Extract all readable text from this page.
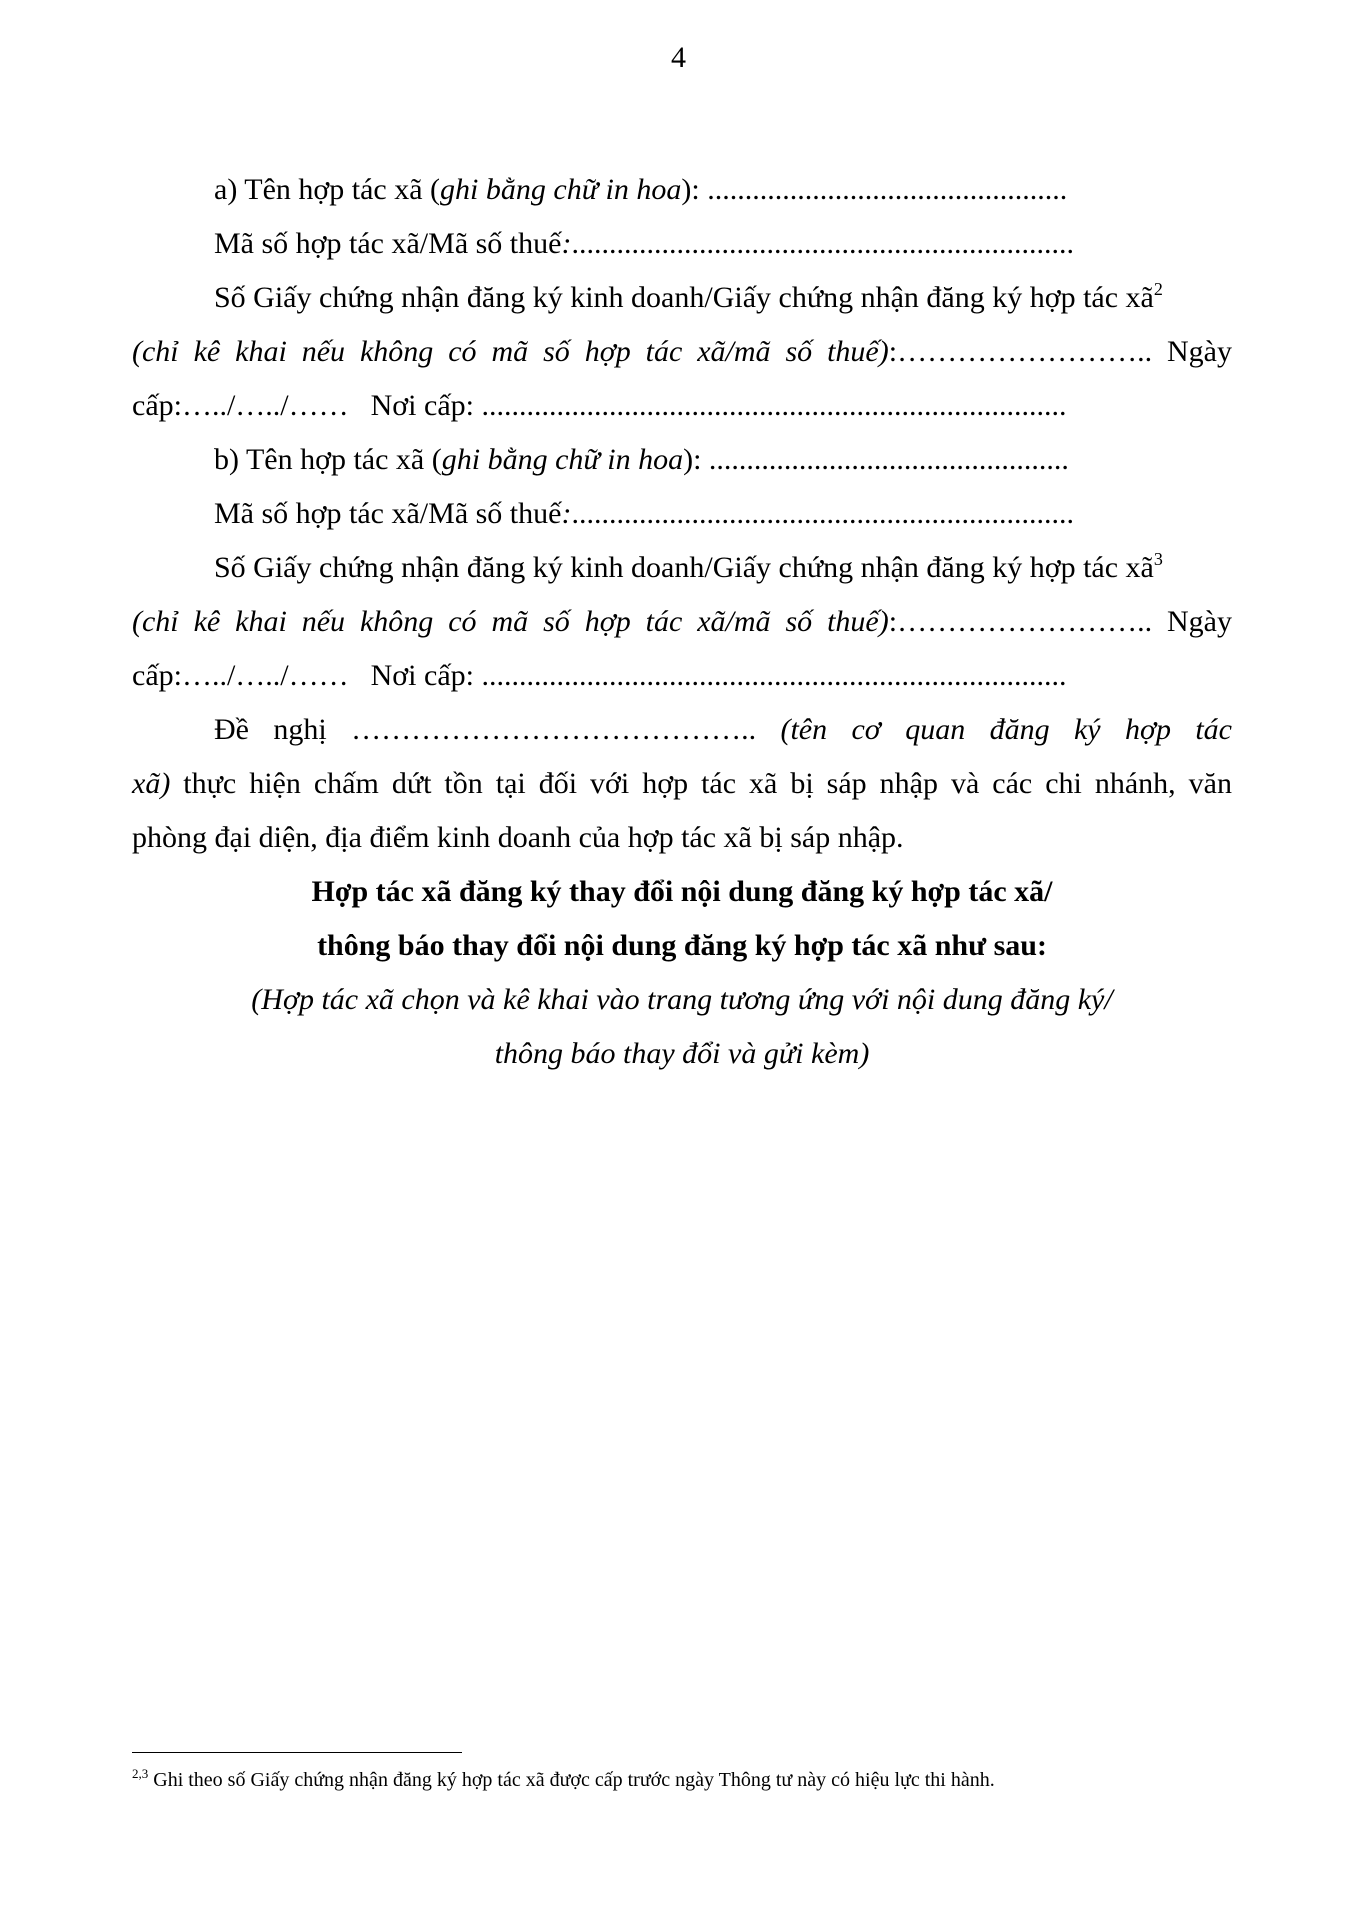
4
a) Tên hợp tác xã (ghi bằng chữ in hoa): ................................................
Mã số hợp tác xã/Mã số thuế:...................................................................
Số Giấy chứng nhận đăng ký kinh doanh/Giấy chứng nhận đăng ký hợp tác $xã^2$
(chỉ kê khai nếu không có mã số hợp tác xã/mã số thuế):…………………….. Ngày
cấp:…../…../…… Nơi cấp: ..............................................................................
b) Tên hợp tác xã (ghi bằng chữ in hoa): ................................................
Mã số hợp tác xã/Mã số thuế:...................................................................
Số Giấy chứng nhận đăng ký kinh doanh/Giấy chứng nhận đăng ký hợp tác $xã^3$
(chỉ kê khai nếu không có mã số hợp tác xã/mã số thuế):…………………….. Ngày
cấp:…../…../…… Nơi cấp: ..............................................................................
Đề nghị ………………………………….. (tên cơ quan đăng ký hợp tác
xã) thực hiện chấm dứt tồn tại đối với hợp tác xã bị sáp nhập và các chi nhánh, văn
phòng đại diện, địa điểm kinh doanh của hợp tác xã bị sáp nhập.
Hợp tác xã đăng ký thay đổi nội dung đăng ký hợp tác xã/
thông báo thay đổi nội dung đăng ký hợp tác xã như sau:
(Hợp tác xã chọn và kê khai vào trang tương ứng với nội dung đăng ký/
thông báo thay đổi và gửi kèm)
$^{2,3}$ Ghi theo số Giấy chứng nhận đăng ký hợp tác xã được cấp trước ngày Thông tư này có hiệu lực thi hành.
